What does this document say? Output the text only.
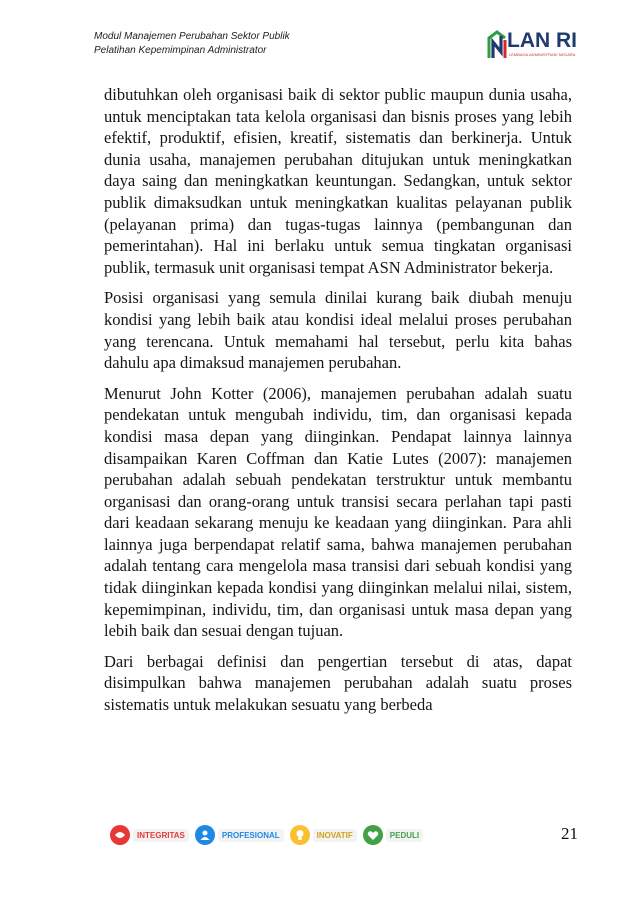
Modul Manajemen Perubahan Sektor Publik
Pelatihan Kepemimpinan Administrator	LAN RI
LEMBAGA ADMINISTRASI NEGARA

dibutuhkan oleh organisasi baik di sektor public maupun dunia usaha, untuk menciptakan tata kelola organisasi dan bisnis proses yang lebih efektif, produktif, efisien, kreatif, sistematis dan berkinerja. Untuk dunia usaha, manajemen perubahan ditujukan untuk meningkatkan daya saing dan meningkatkan keuntungan. Sedangkan, untuk sektor publik dimaksudkan untuk meningkatkan kualitas pelayanan publik (pelayanan prima) dan tugas-tugas lainnya (pembangunan dan pemerintahan). Hal ini berlaku untuk semua tingkatan organisasi publik, termasuk unit organisasi tempat ASN Administrator bekerja.

Posisi organisasi yang semula dinilai kurang baik diubah menuju kondisi yang lebih baik atau kondisi ideal melalui proses perubahan yang terencana. Untuk memahami hal tersebut, perlu kita bahas dahulu apa dimaksud manajemen perubahan.

Menurut John Kotter (2006), manajemen perubahan adalah suatu pendekatan untuk mengubah individu, tim, dan organisasi kepada kondisi masa depan yang diinginkan. Pendapat lainnya lainnya disampaikan Karen Coffman dan Katie Lutes (2007): manajemen perubahan adalah sebuah pendekatan terstruktur untuk membantu organisasi dan orang-orang untuk transisi secara perlahan tapi pasti dari keadaan sekarang menuju ke keadaan yang diinginkan. Para ahli lainnya juga berpendapat relatif sama, bahwa manajemen perubahan adalah tentang cara mengelola masa transisi dari sebuah kondisi yang tidak diinginkan kepada kondisi yang diinginkan melalui nilai, sistem, kepemimpinan, individu, tim, dan organisasi untuk masa depan yang lebih baik dan sesuai dengan tujuan.

Dari berbagai definisi dan pengertian tersebut di atas, dapat disimpulkan bahwa manajemen perubahan adalah suatu proses sistematis untuk melakukan sesuatu yang berbeda

INTEGRITAS	PROFESIONAL	INOVATIF	PEDULI	21
